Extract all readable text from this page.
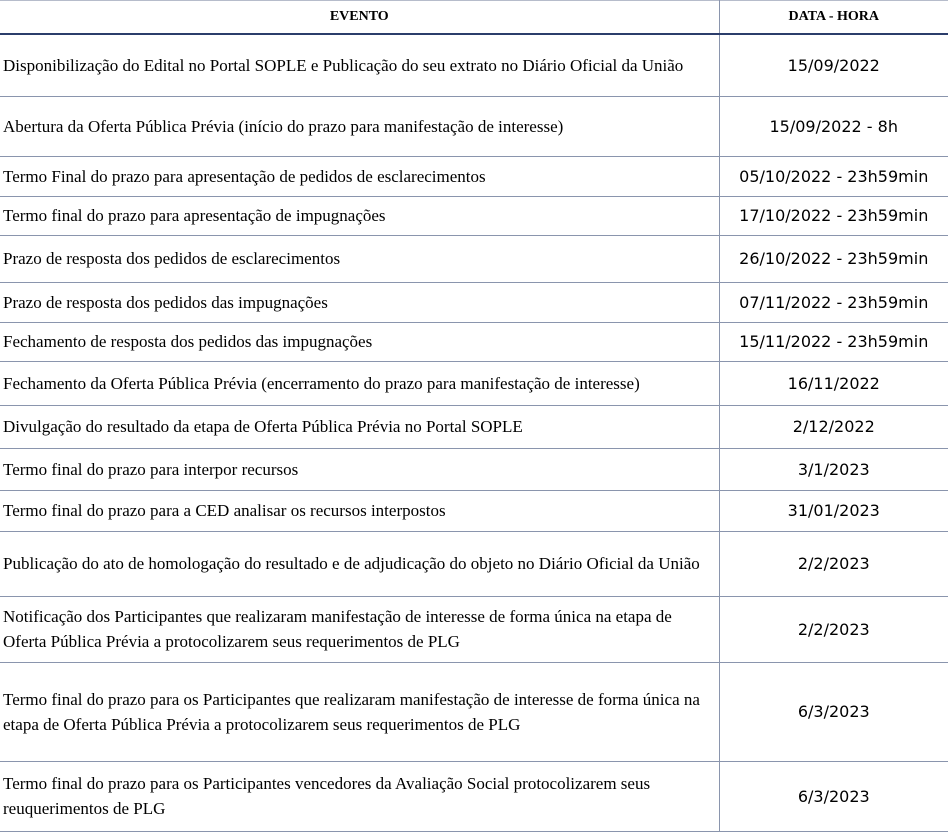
EVENTO	DATA - HORA
Disponibilização do Edital no Portal SOPLE e Publicação do seu extrato no Diário Oficial da União	15/09/2022
Abertura da Oferta Pública Prévia (início do prazo para manifestação de interesse)	15/09/2022 - 8h
Termo Final do prazo para apresentação de pedidos de esclarecimentos	05/10/2022 - 23h59min
Termo final do prazo para apresentação de impugnações	17/10/2022 - 23h59min
Prazo de resposta dos pedidos de esclarecimentos	26/10/2022 - 23h59min
Prazo de resposta dos pedidos das impugnações	07/11/2022 - 23h59min
Fechamento de resposta dos pedidos das impugnações	15/11/2022 - 23h59min
Fechamento da Oferta Pública Prévia (encerramento do prazo para manifestação de interesse)	16/11/2022
Divulgação do resultado da etapa de Oferta Pública Prévia no Portal SOPLE	2/12/2022
Termo final do prazo para interpor recursos	3/1/2023
Termo final do prazo para a CED analisar os recursos interpostos	31/01/2023
Publicação do ato de homologação do resultado e de adjudicação do objeto no Diário Oficial da União	2/2/2023
Notificação dos Participantes que realizaram manifestação de interesse de forma única na etapa de Oferta Pública Prévia a protocolizarem seus requerimentos de PLG	2/2/2023
Termo final do prazo para os Participantes que realizaram manifestação de interesse de forma única na etapa de Oferta Pública Prévia a protocolizarem seus requerimentos de PLG	6/3/2023
Termo final do prazo para os Participantes vencedores da Avaliação Social protocolizarem seus reuquerimentos de PLG	6/3/2023
